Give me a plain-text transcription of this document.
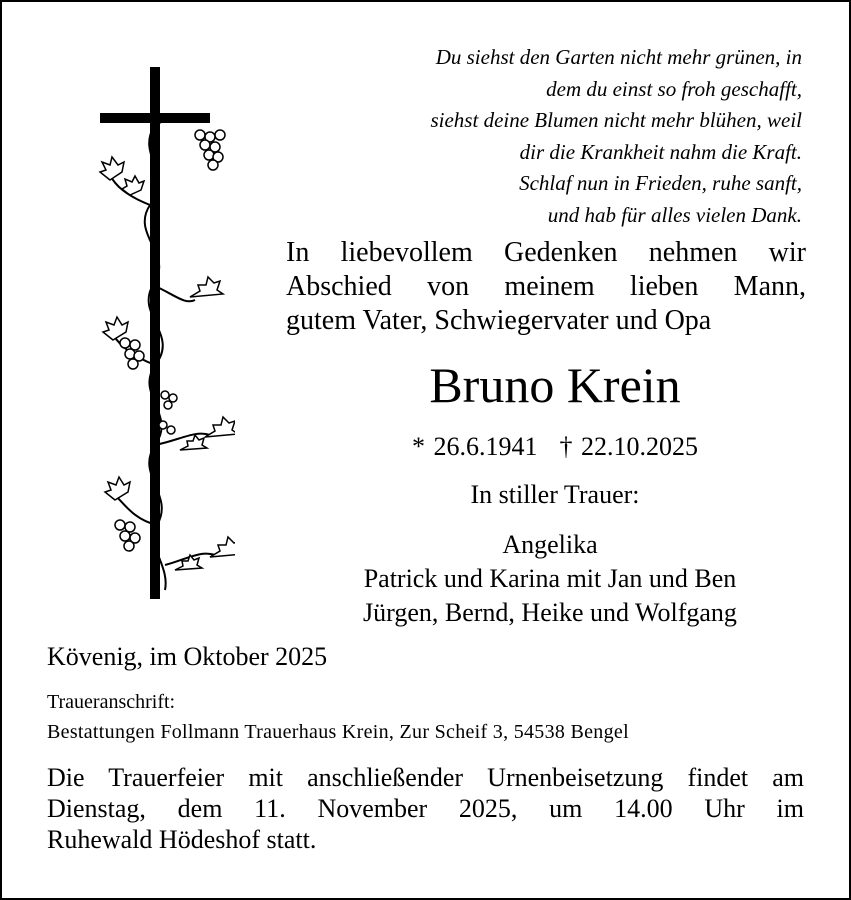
Du siehst den Garten nicht mehr grünen, in
dem du einst so froh geschafft,
siehst deine Blumen nicht mehr blühen, weil
dir die Krankheit nahm die Kraft.
Schlaf nun in Frieden, ruhe sanft,
und hab für alles vielen Dank.
In liebevollem Gedenken nehmen wir
Abschied von meinem lieben Mann,
gutem Vater, Schwiegervater und Opa
Bruno Krein
* 26.6.1941 † 22.10.2025
In stiller Trauer:
Angelika
Patrick und Karina mit Jan und Ben
Jürgen, Bernd, Heike und Wolfgang
Kövenig, im Oktober 2025
Traueranschrift:
Bestattungen Follmann Trauerhaus Krein, Zur Scheif 3, 54538 Bengel
Die Trauerfeier mit anschließender Urnenbeisetzung findet am
Dienstag, dem 11. November 2025, um 14.00 Uhr im
Ruhewald Hödeshof statt.
